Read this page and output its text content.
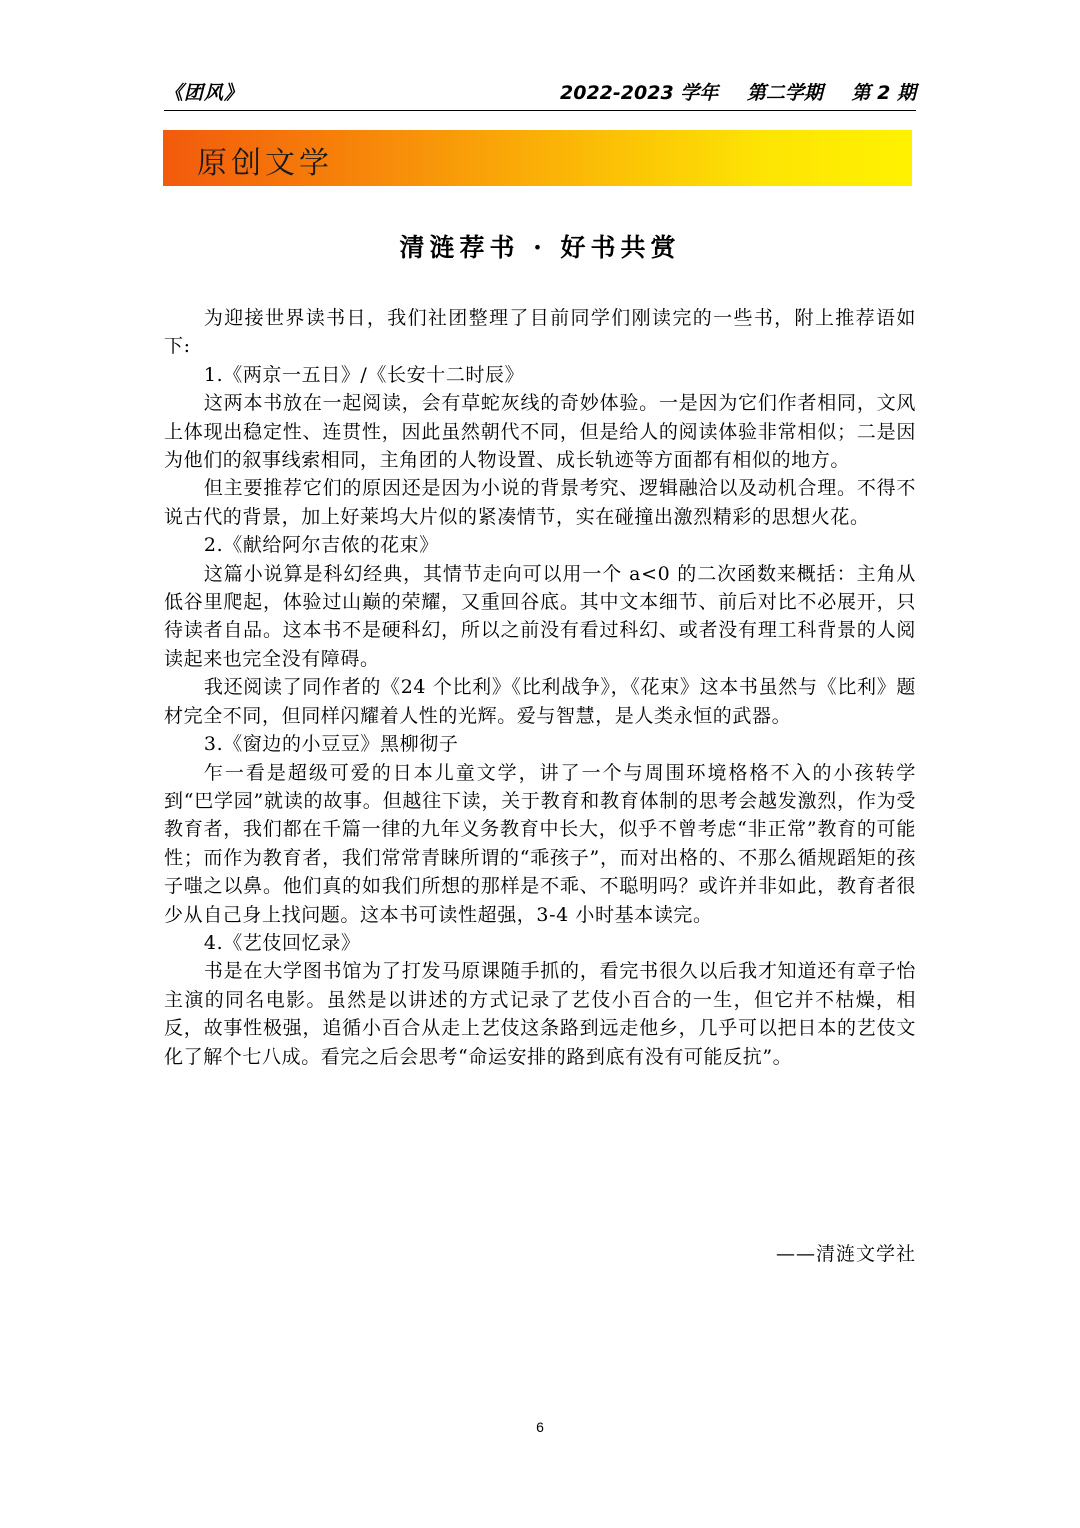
《团风》	2022-2023 学年 第二学期 第 2 期
原创文学
清涟荐书 · 好书共赏

为迎接世界读书日，我们社团整理了目前同学们刚读完的一些书，附上推荐语如下:

1.《两京一五日》/《长安十二时辰》

这两本书放在一起阅读，会有草蛇灰线的奇妙体验。一是因为它们作者相同，文风上体现出稳定性、连贯性，因此虽然朝代不同，但是给人的阅读体验非常相似；二是因为他们的叙事线索相同，主角团的人物设置、成长轨迹等方面都有相似的地方。

但主要推荐它们的原因还是因为小说的背景考究、逻辑融洽以及动机合理。不得不说古代的背景，加上好莱坞大片似的紧凑情节，实在碰撞出激烈精彩的思想火花。

2.《献给阿尔吉侬的花束》

这篇小说算是科幻经典，其情节走向可以用一个 a<0 的二次函数来概括：主角从低谷里爬起，体验过山巅的荣耀，又重回谷底。其中文本细节、前后对比不必展开，只待读者自品。这本书不是硬科幻，所以之前没有看过科幻、或者没有理工科背景的人阅读起来也完全没有障碍。

我还阅读了同作者的《24 个比利》《比利战争》，《花束》这本书虽然与《比利》题材完全不同，但同样闪耀着人性的光辉。爱与智慧，是人类永恒的武器。

3.《窗边的小豆豆》黑柳彻子

乍一看是超级可爱的日本儿童文学，讲了一个与周围环境格格不入的小孩转学到“巴学园”就读的故事。但越往下读，关于教育和教育体制的思考会越发激烈，作为受教育者，我们都在千篇一律的九年义务教育中长大，似乎不曾考虑“非正常”教育的可能性；而作为教育者，我们常常青睐所谓的“乖孩子”，而对出格的、不那么循规蹈矩的孩子嗤之以鼻。他们真的如我们所想的那样是不乖、不聪明吗？或许并非如此，教育者很少从自己身上找问题。这本书可读性超强，3-4 小时基本读完。

4.《艺伎回忆录》

书是在大学图书馆为了打发马原课随手抓的，看完书很久以后我才知道还有章子怡主演的同名电影。虽然是以讲述的方式记录了艺伎小百合的一生，但它并不枯燥，相反，故事性极强，追循小百合从走上艺伎这条路到远走他乡，几乎可以把日本的艺伎文化了解个七八成。看完之后会思考“命运安排的路到底有没有可能反抗”。

——清涟文学社
6
